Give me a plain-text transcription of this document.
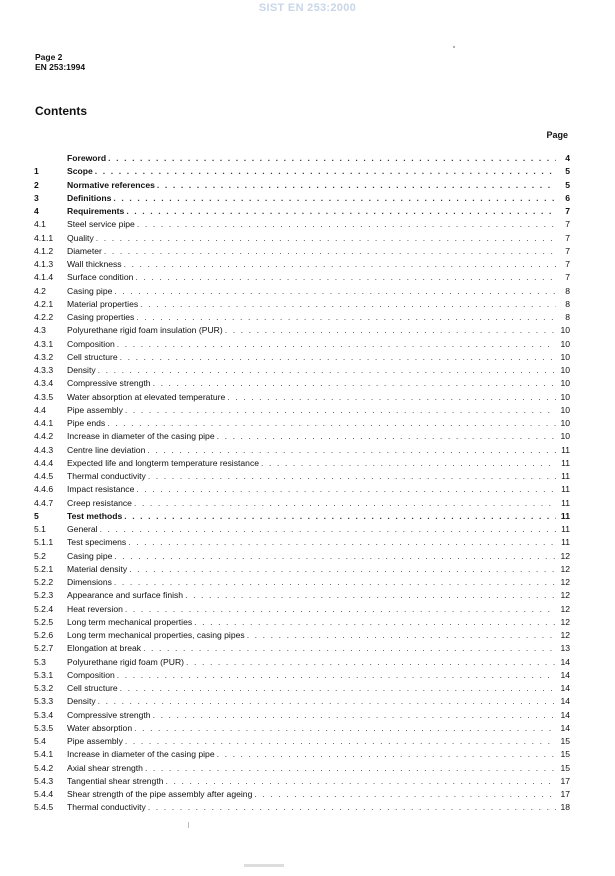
SIST EN 253:2000
Page 2
EN 253:1994
Contents
Page
Foreword . . .	4
1	Scope . . .	5
2	Normative references . . .	5
3	Definitions . . .	6
4	Requirements . . .	7
4.1	Steel service pipe . . .	7
4.1.1	Quality . . .	7
4.1.2	Diameter . . .	7
4.1.3	Wall thickness . . .	7
4.1.4	Surface condition . . .	7
4.2	Casing pipe . . .	8
4.2.1	Material properties . . .	8
4.2.2	Casing properties . . .	8
4.3	Polyurethane rigid foam insulation (PUR) . . .	10
4.3.1	Composition . . .	10
4.3.2	Cell structure . . .	10
4.3.3	Density . . .	10
4.3.4	Compressive strength . . .	10
4.3.5	Water absorption at elevated temperature . . .	10
4.4	Pipe assembly . . .	10
4.4.1	Pipe ends . . .	10
4.4.2	Increase in diameter of the casing pipe . . .	10
4.4.3	Centre line deviation . . .	11
4.4.4	Expected life and longterm temperature resistance . . .	11
4.4.5	Thermal conductivity . . .	11
4.4.6	Impact resistance . . .	11
4.4.7	Creep resistance . . .	11
5	Test methods . . .	11
5.1	General . . .	11
5.1.1	Test specimens . . .	11
5.2	Casing pipe . . .	12
5.2.1	Material density . . .	12
5.2.2	Dimensions . . .	12
5.2.3	Appearance and surface finish . . .	12
5.2.4	Heat reversion . . .	12
5.2.5	Long term mechanical properties . . .	12
5.2.6	Long term mechanical properties, casing pipes . . .	12
5.2.7	Elongation at break . . .	13
5.3	Polyurethane rigid foam (PUR) . . .	14
5.3.1	Composition . . .	14
5.3.2	Cell structure . . .	14
5.3.3	Density . . .	14
5.3.4	Compressive strength . . .	14
5.3.5	Water absorption . . .	14
5.4	Pipe assembly . . .	15
5.4.1	Increase in diameter of the casing pipe . . .	15
5.4.2	Axial shear strength . . .	15
5.4.3	Tangential shear strength . . .	17
5.4.4	Shear strength of the pipe assembly after ageing . . .	17
5.4.5	Thermal conductivity . . .	18
